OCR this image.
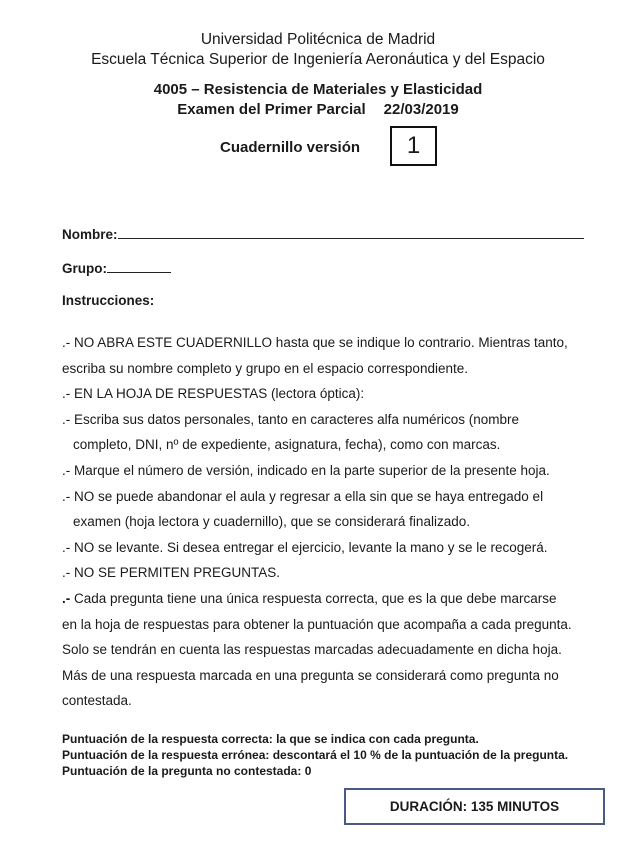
Universidad Politécnica de Madrid
Escuela Técnica Superior de Ingeniería Aeronáutica y del Espacio
4005 – Resistencia de Materiales y Elasticidad
Examen del Primer Parcial 22/03/2019
Cuadernillo versión	1
Nombre:
Grupo:
Instrucciones:
.- NO ABRA ESTE CUADERNILLO hasta que se indique lo contrario. Mientras tanto,
escriba su nombre completo y grupo en el espacio correspondiente.
.- EN LA HOJA DE RESPUESTAS (lectora óptica):
.- Escriba sus datos personales, tanto en caracteres alfa numéricos (nombre
completo, DNI, nº de expediente, asignatura, fecha), como con marcas.
.- Marque el número de versión, indicado en la parte superior de la presente hoja.
.- NO se puede abandonar el aula y regresar a ella sin que se haya entregado el
examen (hoja lectora y cuadernillo), que se considerará finalizado.
.- NO se levante. Si desea entregar el ejercicio, levante la mano y se le recogerá.
.- NO SE PERMITEN PREGUNTAS.
.- Cada pregunta tiene una única respuesta correcta, que es la que debe marcarse
en la hoja de respuestas para obtener la puntuación que acompaña a cada pregunta.
Solo se tendrán en cuenta las respuestas marcadas adecuadamente en dicha hoja.
Más de una respuesta marcada en una pregunta se considerará como pregunta no
contestada.
Puntuación de la respuesta correcta: la que se indica con cada pregunta.
Puntuación de la respuesta errónea: descontará el 10 % de la puntuación de la pregunta.
Puntuación de la pregunta no contestada: 0
DURACIÓN: 135 MINUTOS
